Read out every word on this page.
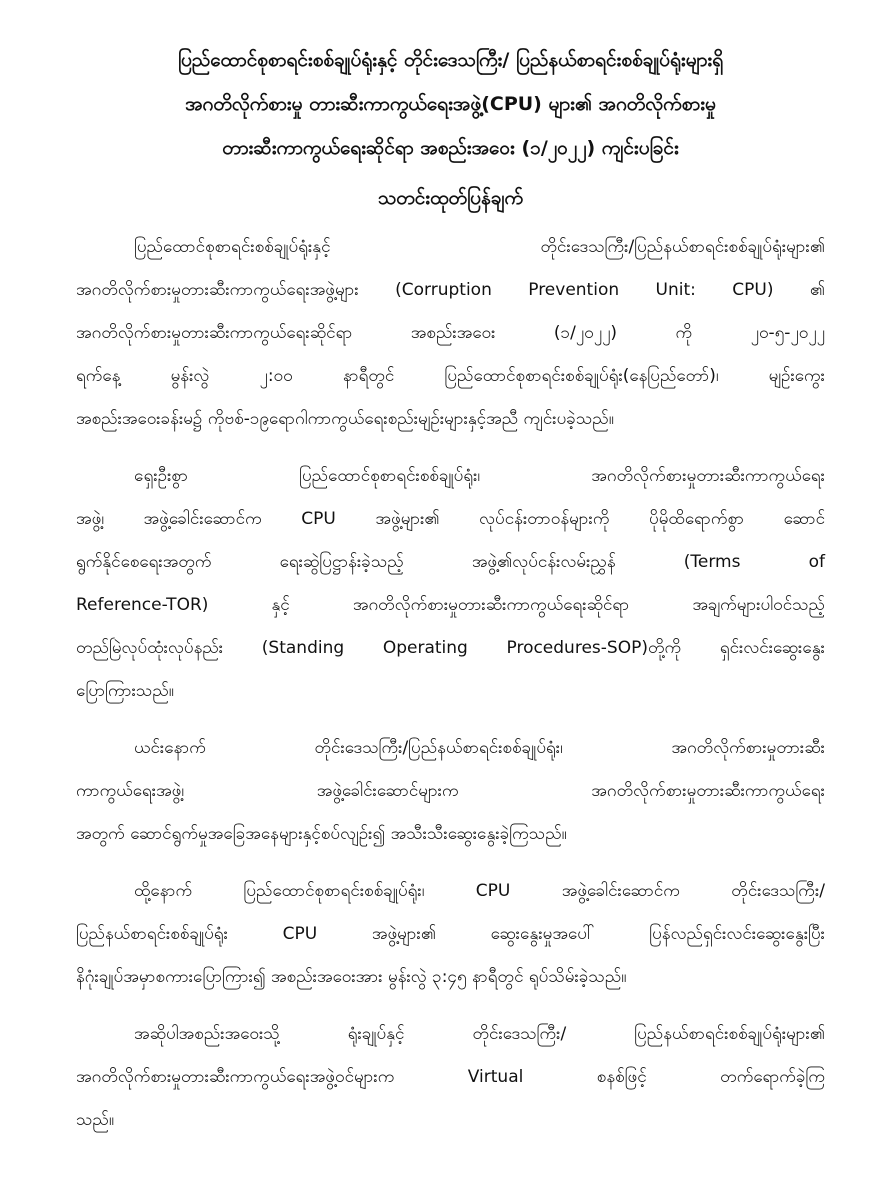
ပြည်ထောင်စုစာရင်းစစ်ချုပ်ရုံးနှင့် တိုင်းဒေသကြီး/ ပြည်နယ်စာရင်းစစ်ချုပ်ရုံးများရှိ
အဂတိလိုက်စားမှု တားဆီးကာကွယ်ရေးအဖွဲ့(CPU) များ၏ အဂတိလိုက်စားမှု
တားဆီးကာကွယ်ရေးဆိုင်ရာ အစည်းအဝေး (၁/၂၀၂၂) ကျင်းပခြင်း
သတင်းထုတ်ပြန်ချက်
ပြည်ထောင်စုစာရင်းစစ်ချုပ်ရုံးနှင့် တိုင်းဒေသကြီး/ပြည်နယ်စာရင်းစစ်ချုပ်ရုံးများ၏
အဂတိလိုက်စားမှုတားဆီးကာကွယ်ရေးအဖွဲ့များ (Corruption Prevention Unit: CPU) ၏
အဂတိလိုက်စားမှုတားဆီးကာကွယ်ရေးဆိုင်ရာ အစည်းအဝေး (၁/၂၀၂၂) ကို ၂၀-၅-၂၀၂၂
ရက်နေ့ မွန်းလွဲ ၂:၀၀ နာရီတွင် ပြည်ထောင်စုစာရင်းစစ်ချုပ်ရုံး(နေပြည်တော်)၊ မျဉ်းကွေး
အစည်းအဝေးခန်းမ၌ ကိုဗစ်-၁၉ရောဂါကာကွယ်ရေးစည်းမျဉ်းများနှင့်အညီ ကျင်းပခဲ့သည်။
ရှေးဦးစွာ ပြည်ထောင်စုစာရင်းစစ်ချုပ်ရုံး၊ အဂတိလိုက်စားမှုတားဆီးကာကွယ်ရေး
အဖွဲ့၊ အဖွဲ့ခေါင်းဆောင်က CPU အဖွဲ့များ၏ လုပ်ငန်းတာဝန်များကို ပိုမိုထိရောက်စွာ ဆောင်
ရွက်နိုင်စေရေးအတွက် ရေးဆွဲပြဋ္ဌာန်းခဲ့သည့် အဖွဲ့၏လုပ်ငန်းလမ်းညွှန် (Terms of
Reference-TOR) နှင့် အဂတိလိုက်စားမှုတားဆီးကာကွယ်ရေးဆိုင်ရာ အချက်များပါဝင်သည့်
တည်မြဲလုပ်ထုံးလုပ်နည်း (Standing Operating Procedures-SOP)တို့ကို ရှင်းလင်းဆွေးနွေး
ပြောကြားသည်။
ယင်းနောက် တိုင်းဒေသကြီး/ပြည်နယ်စာရင်းစစ်ချုပ်ရုံး၊ အဂတိလိုက်စားမှုတားဆီး
ကာကွယ်ရေးအဖွဲ့၊ အဖွဲ့ခေါင်းဆောင်များက အဂတိလိုက်စားမှုတားဆီးကာကွယ်ရေး
အတွက် ဆောင်ရွက်မှုအခြေအနေများနှင့်စပ်လျဉ်း၍ အသီးသီးဆွေးနွေးခဲ့ကြသည်။
ထို့နောက် ပြည်ထောင်စုစာရင်းစစ်ချုပ်ရုံး၊ CPU အဖွဲ့ခေါင်းဆောင်က တိုင်းဒေသကြီး/
ပြည်နယ်စာရင်းစစ်ချုပ်ရုံး CPU အဖွဲ့များ၏ ဆွေးနွေးမှုအပေါ် ပြန်လည်ရှင်းလင်းဆွေးနွေးပြီး
နိဂုံးချုပ်အမှာစကားပြောကြား၍ အစည်းအဝေးအား မွန်းလွဲ ၃:၄၅ နာရီတွင် ရုပ်သိမ်းခဲ့သည်။
အဆိုပါအစည်းအဝေးသို့ ရုံးချုပ်နှင့် တိုင်းဒေသကြီး/ ပြည်နယ်စာရင်းစစ်ချုပ်ရုံးများ၏
အဂတိလိုက်စားမှုတားဆီးကာကွယ်ရေးအဖွဲ့ဝင်များက Virtual စနစ်ဖြင့် တက်ရောက်ခဲ့ကြ
သည်။
